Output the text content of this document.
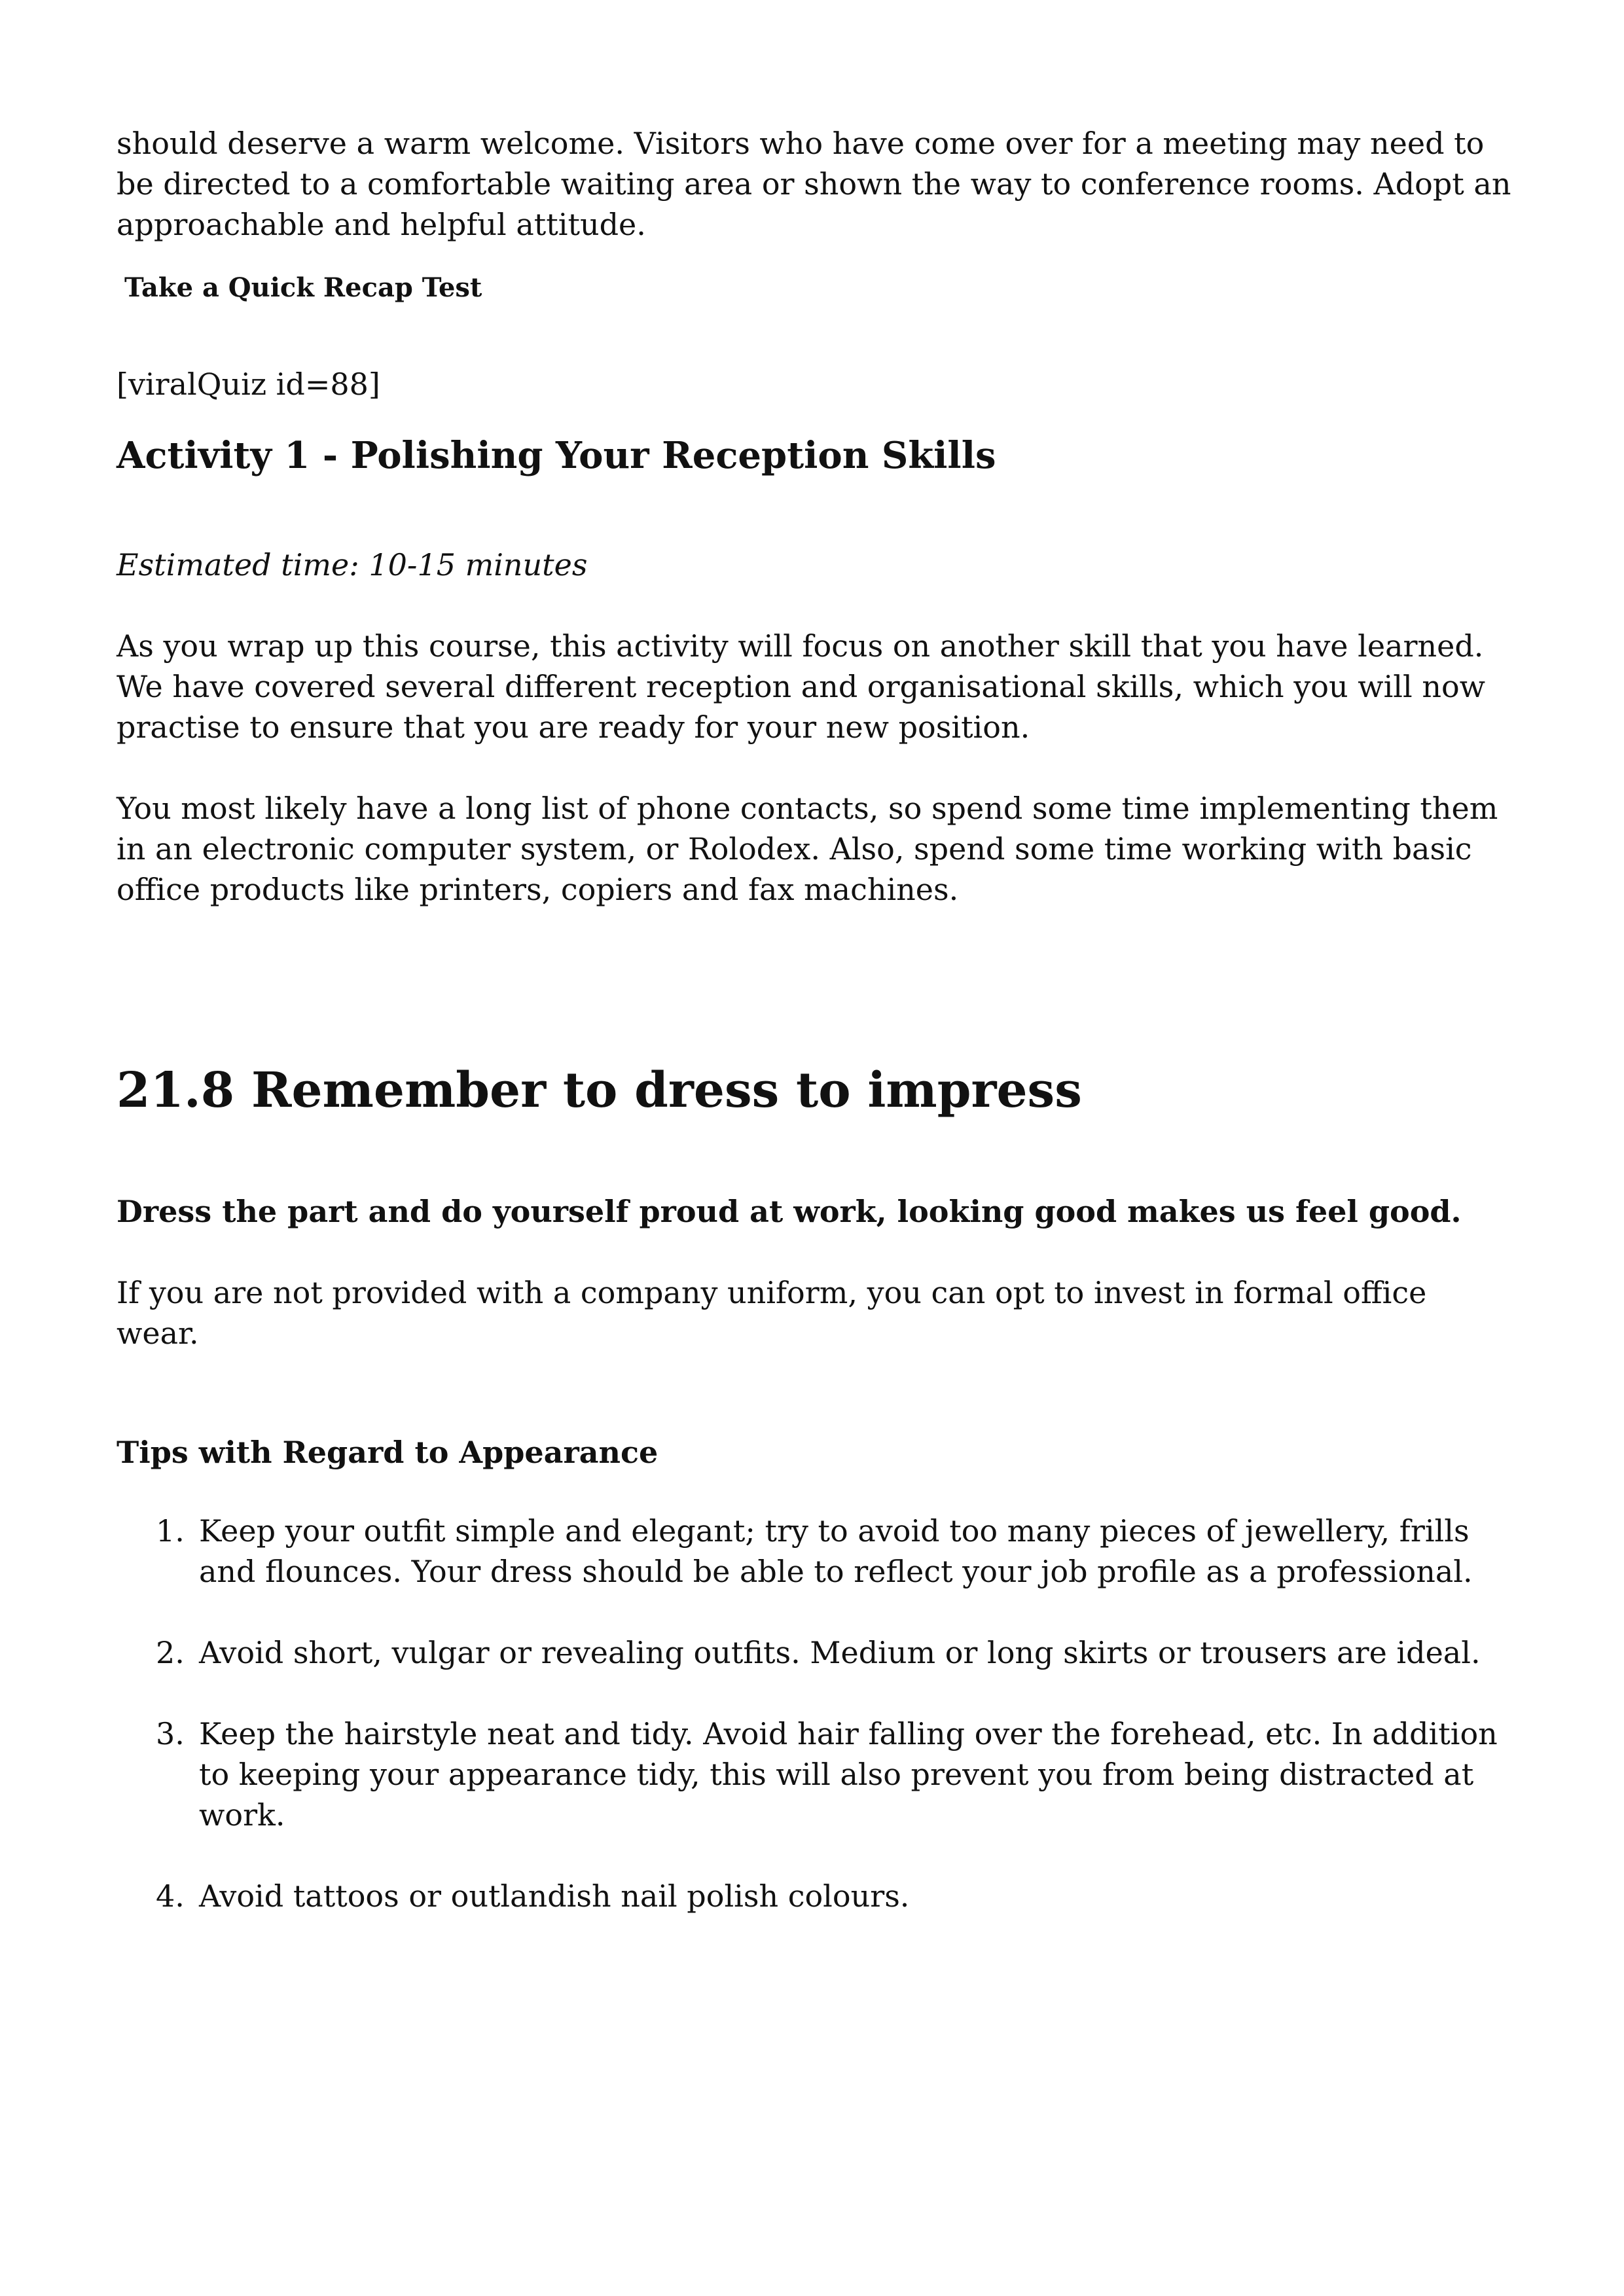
should deserve a warm welcome. Visitors who have come over for a meeting may need to be directed to a comfortable waiting area or shown the way to conference rooms. Adopt an approachable and helpful attitude.

Take a Quick Recap Test

[viralQuiz id=88]

Activity 1 - Polishing Your Reception Skills

Estimated time: 10-15 minutes

As you wrap up this course, this activity will focus on another skill that you have learned. We have covered several different reception and organisational skills, which you will now practise to ensure that you are ready for your new position.

You most likely have a long list of phone contacts, so spend some time implementing them in an electronic computer system, or Rolodex. Also, spend some time working with basic office products like printers, copiers and fax machines.

21.8 Remember to dress to impress

Dress the part and do yourself proud at work, looking good makes us feel good.

If you are not provided with a company uniform, you can opt to invest in formal office wear.

Tips with Regard to Appearance
1. Keep your outfit simple and elegant; try to avoid too many pieces of jewellery, frills and flounces. Your dress should be able to reflect your job profile as a professional.
2. Avoid short, vulgar or revealing outfits. Medium or long skirts or trousers are ideal.
3. Keep the hairstyle neat and tidy. Avoid hair falling over the forehead, etc. In addition to keeping your appearance tidy, this will also prevent you from being distracted at work.
4. Avoid tattoos or outlandish nail polish colours.
